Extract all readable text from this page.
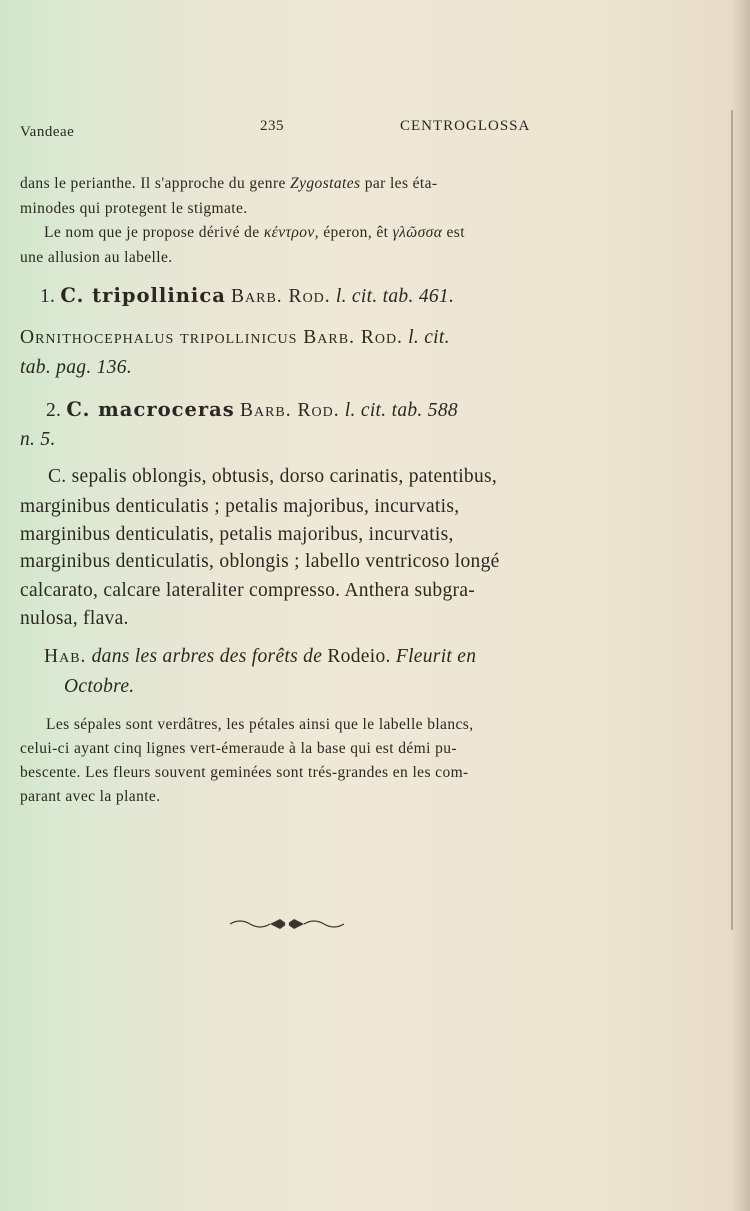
Vandeae	235	CENTROGLOSSA
dans le perianthe. Il s'approche du genre Zygostates par les éta-
minodes qui protegent le stigmate.
Le nom que je propose dérivé de κέντρον, éperon, êt γλῶσσα est
une allusion au labelle.
1. C. tripollinica Barb. Rod. l. cit. tab. 461.
Ornithocephalus tripollinicus Barb. Rod. l. cit.
tab. pag. 136.
2. C. macroceras Barb. Rod. l. cit. tab. 588
n. 5.
C. sepalis oblongis, obtusis, dorso carinatis, patentibus,
marginibus denticulatis ; petalis majoribus, incurvatis,
marginibus denticulatis, petalis majoribus, incurvatis,
marginibus denticulatis, oblongis ; labello ventricoso longé
calcarato, calcare lateraliter compresso. Anthera subgra-
nulosa, flava.
Hab. dans les arbres des forêts de Rodeio. Fleurit en
Octobre.
Les sépales sont verdâtres, les pétales ainsi que le labelle blancs,
celui-ci ayant cinq lignes vert-émeraude à la base qui est démi pu-
bescente. Les fleurs souvent geminées sont trés-grandes en les com-
parant avec la plante.
